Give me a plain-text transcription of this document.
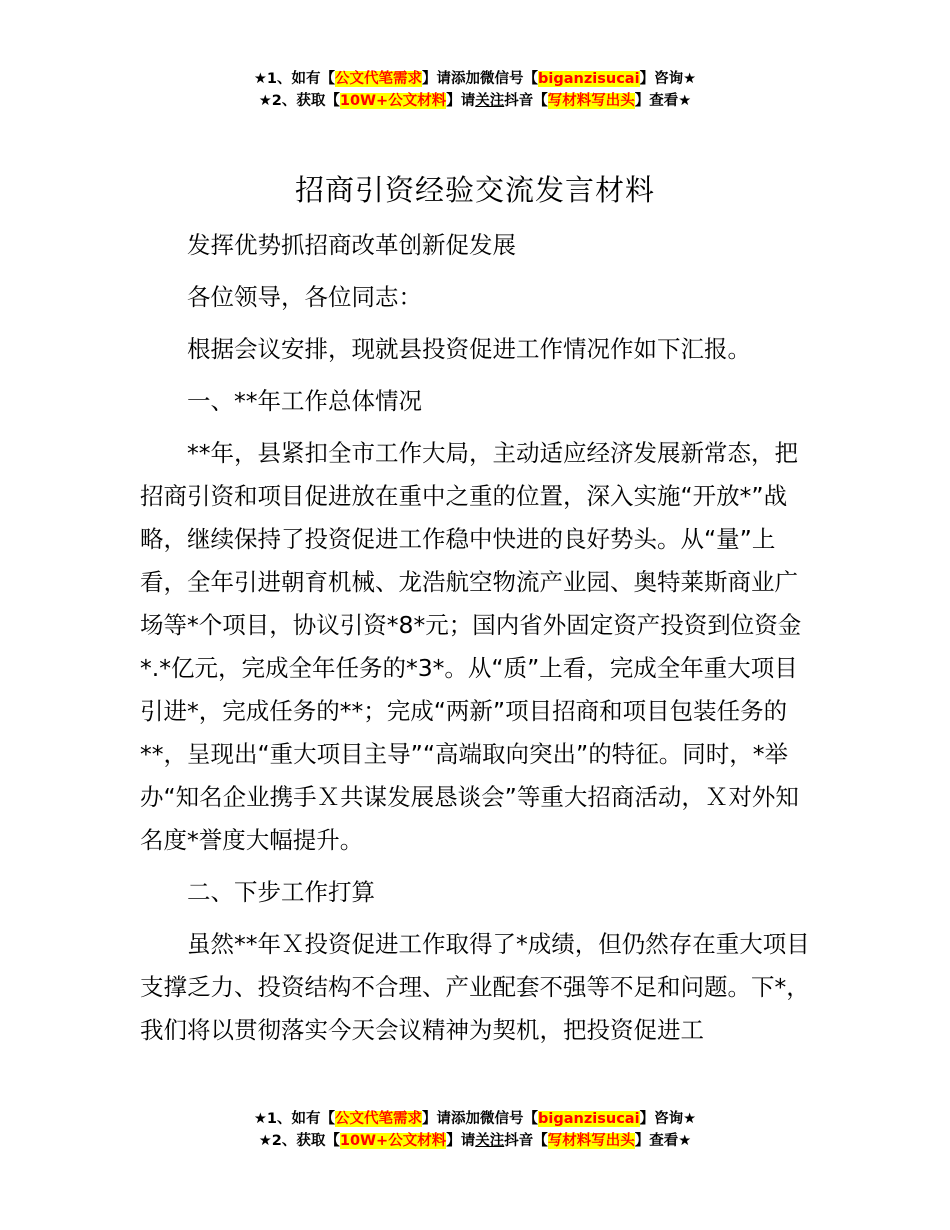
★1、如有【公文代笔需求】请添加微信号【biganzisucai】咨询★
★2、获取【10W+公文材料】请关注抖音【写材料写出头】查看★
招商引资经验交流发言材料

发挥优势抓招商改革创新促发展

各位领导，各位同志：

根据会议安排，现就县投资促进工作情况作如下汇报。

一、**年工作总体情况

**年，县紧扣全市工作大局，主动适应经济发展新常态，把招商引资和项目促进放在重中之重的位置，深入实施“开放*”战略，继续保持了投资促进工作稳中快进的良好势头。从“量”上看，全年引进朝育机械、龙浩航空物流产业园、奥特莱斯商业广场等*个项目，协议引资*8*元；国内省外固定资产投资到位资金*.*亿元，完成全年任务的*3*。从“质”上看，完成全年重大项目引进*，完成任务的**；完成“两新”项目招商和项目包装任务的**，呈现出“重大项目主导”“高端取向突出”的特征。同时，*举办“知名企业携手Ｘ共谋发展恳谈会”等重大招商活动，Ｘ对外知名度*誉度大幅提升。

二、下步工作打算

虽然**年Ｘ投资促进工作取得了*成绩，但仍然存在重大项目支撑乏力、投资结构不合理、产业配套不强等不足和问题。下*，我们将以贯彻落实今天会议精神为契机，把投资促进工

★1、如有【公文代笔需求】请添加微信号【biganzisucai】咨询★
★2、获取【10W+公文材料】请关注抖音【写材料写出头】查看★
